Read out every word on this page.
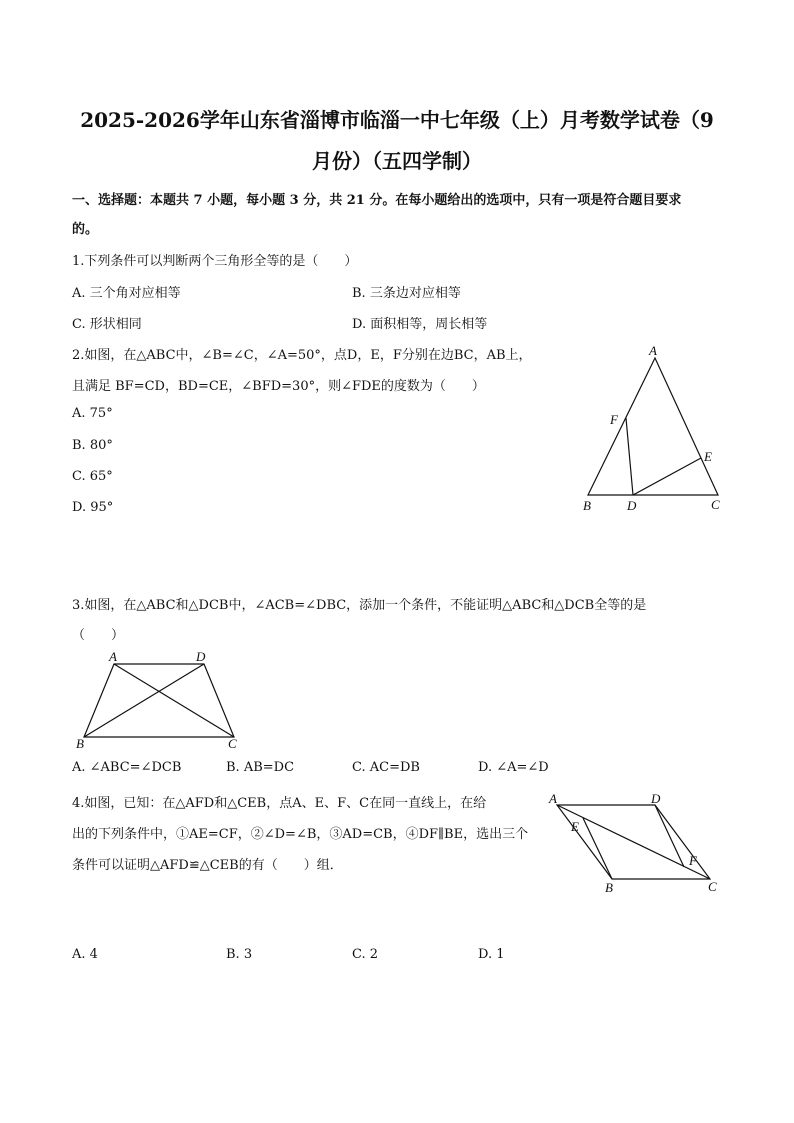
2025-2026学年山东省淄博市临淄一中七年级（上）月考数学试卷（9
月份）（五四学制）
一、选择题：本题共 7 小题，每小题 3 分，共 21 分。在每小题给出的选项中，只有一项是符合题目要求
的。
1.下列条件可以判断两个三角形全等的是（　　）
A. 三个角对应相等	B. 三条边对应相等
C. 形状相同	D. 面积相等，周长相等
2.如图，在△ABC中，∠B=∠C，∠A=50°，点D，E，F分别在边BC，AB上，
且满足 BF=CD，BD=CE，∠BFD=30°，则∠FDE的度数为（　　）
A. 75°
B. 80°
C. 65°
D. 95°
A
B	C
D
E
F
3.如图，在△ABC和△DCB中，∠ACB=∠DBC，添加一个条件，不能证明△ABC和△DCB全等的是
（　　）
A
B	C
D
A. ∠ABC=∠DCB	B. AB=DC	C. AC=DB	D. ∠A=∠D
4.如图，已知：在△AFD和△CEB，点A、E、F、C在同一直线上，在给
出的下列条件中，①AE=CF，②∠D=∠B，③AD=CB，④DF∥BE，选出三个
条件可以证明△AFD≌△CEB的有（　　）组．
A	D
E
F
B	C
A. 4	B. 3	C. 2	D. 1
